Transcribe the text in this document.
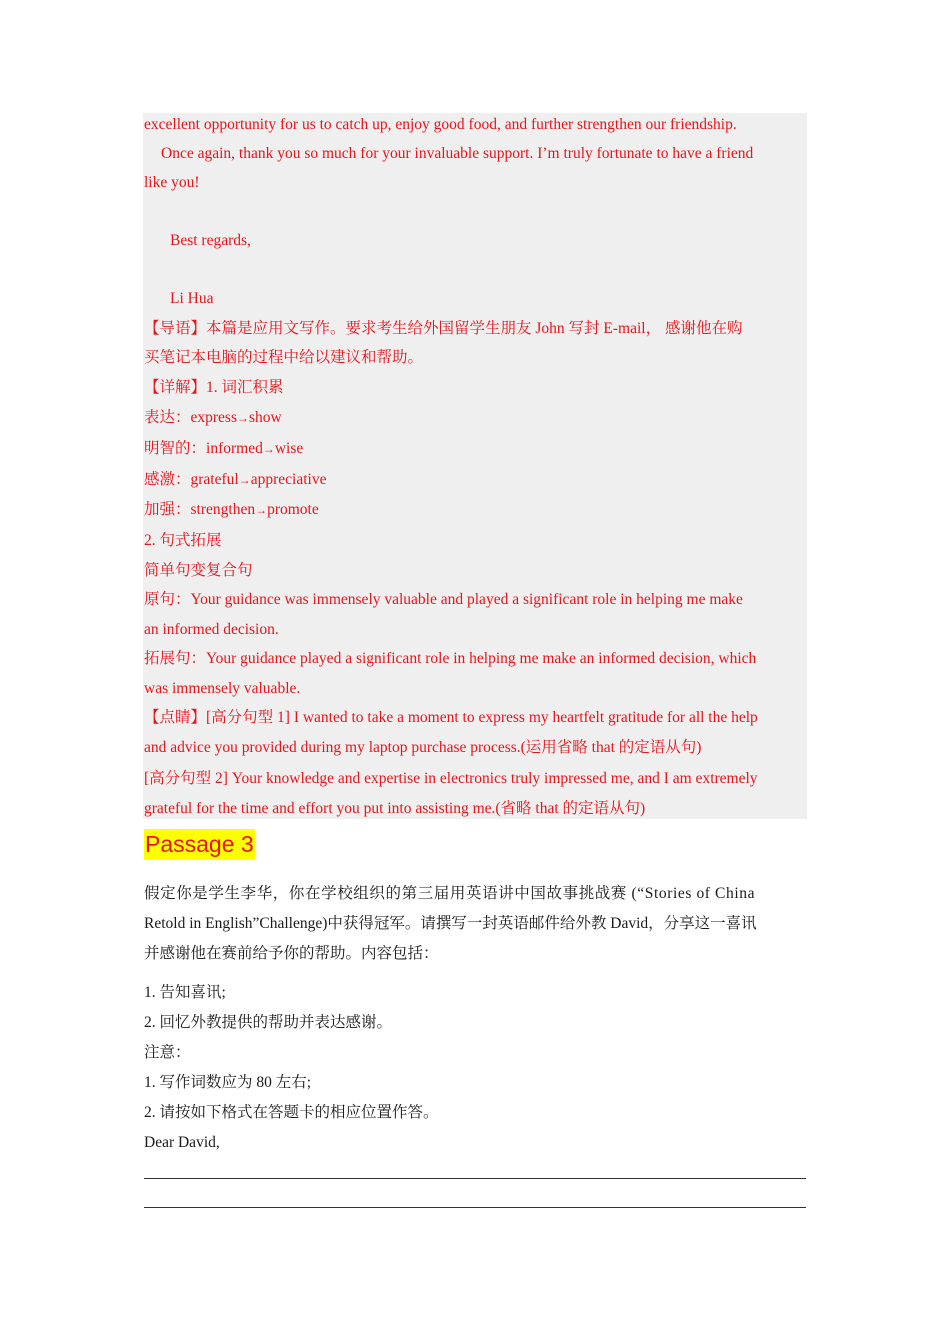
excellent opportunity for us to catch up, enjoy good food, and further strengthen our friendship.
Once again, thank you so much for your invaluable support. I’m truly fortunate to have a friend
like you!
Best regards,
Li Hua
【导语】本篇是应用文写作。要求考生给外国留学生朋友 John 写封 E-mail， 感谢他在购
买笔记本电脑的过程中给以建议和帮助。
【详解】1. 词汇积累
表达：express→show
明智的：informed→wise
感激：grateful→appreciative
加强：strengthen→promote
2. 句式拓展
简单句变复合句
原句：Your guidance was immensely valuable and played a significant role in helping me make
an informed decision.
拓展句：Your guidance played a significant role in helping me make an informed decision, which
was immensely valuable.
【点睛】[高分句型 1] I wanted to take a moment to express my heartfelt gratitude for all the help
and advice you provided during my laptop purchase process.(运用省略 that 的定语从句)
[高分句型 2] Your knowledge and expertise in electronics truly impressed me, and I am extremely
grateful for the time and effort you put into assisting me.(省略 that 的定语从句)
Passage 3
假定你是学生李华，你在学校组织的第三届用英语讲中国故事挑战赛 (“Stories of China
Retold in English”Challenge)中获得冠军。请撰写一封英语邮件给外教 David，分享这一喜讯
并感谢他在赛前给予你的帮助。内容包括：
1. 告知喜讯;
2. 回忆外教提供的帮助并表达感谢。
注意：
1. 写作词数应为 80 左右;
2. 请按如下格式在答题卡的相应位置作答。
Dear David,
